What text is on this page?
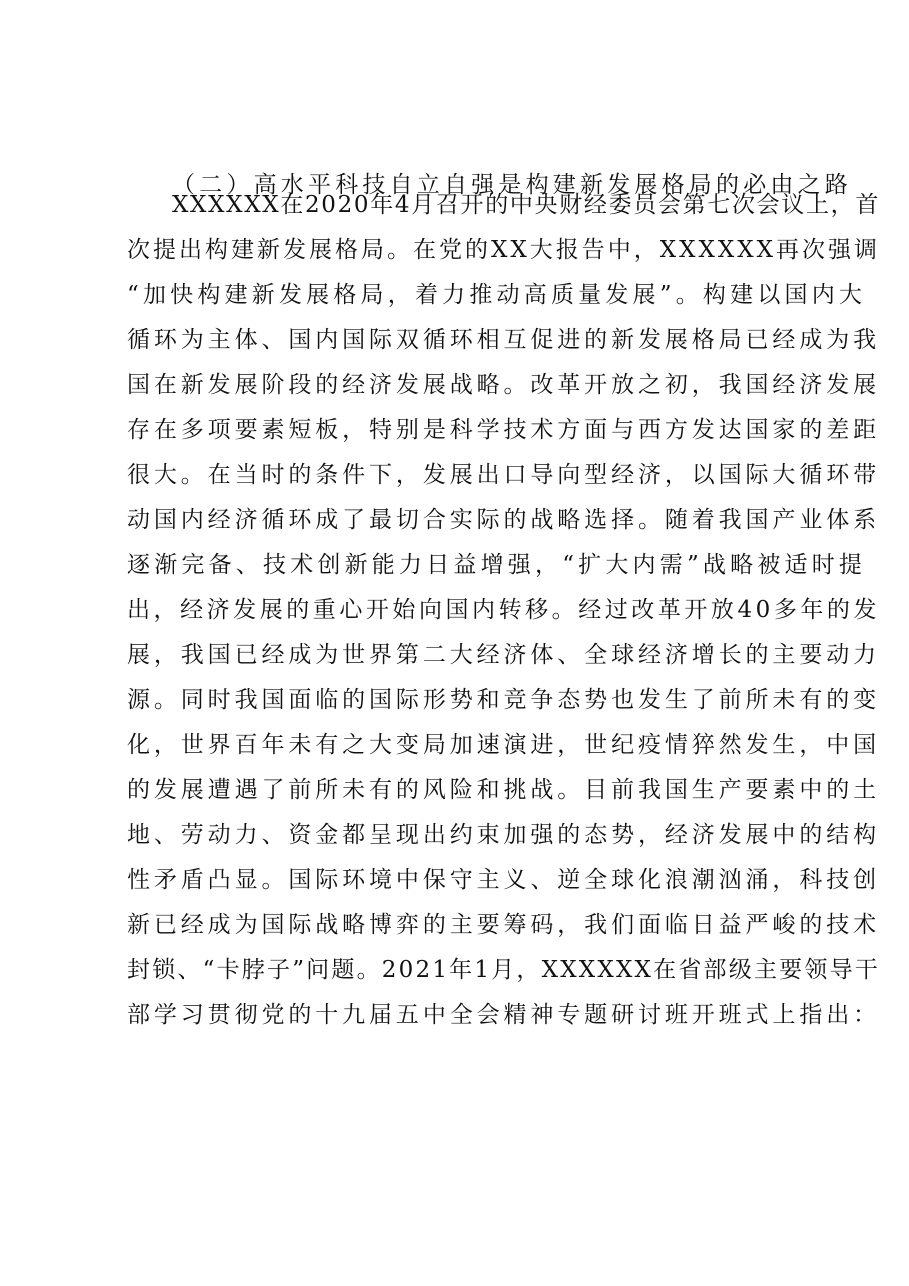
（二）高水平科技自立自强是构建新发展格局的必由之路
XXXXXX在2020年4月召开的中央财经委员会第七次会议上，首
次提出构建新发展格局。在党的XX大报告中，XXXXXX再次强调
“加快构建新发展格局，着力推动高质量发展”。构建以国内大
循环为主体、国内国际双循环相互促进的新发展格局已经成为我
国在新发展阶段的经济发展战略。改革开放之初，我国经济发展
存在多项要素短板，特别是科学技术方面与西方发达国家的差距
很大。在当时的条件下，发展出口导向型经济，以国际大循环带
动国内经济循环成了最切合实际的战略选择。随着我国产业体系
逐渐完备、技术创新能力日益增强，“扩大内需”战略被适时提
出，经济发展的重心开始向国内转移。经过改革开放40多年的发
展，我国已经成为世界第二大经济体、全球经济增长的主要动力
源。同时我国面临的国际形势和竞争态势也发生了前所未有的变
化，世界百年未有之大变局加速演进，世纪疫情猝然发生，中国
的发展遭遇了前所未有的风险和挑战。目前我国生产要素中的土
地、劳动力、资金都呈现出约束加强的态势，经济发展中的结构
性矛盾凸显。国际环境中保守主义、逆全球化浪潮汹涌，科技创
新已经成为国际战略博弈的主要筹码，我们面临日益严峻的技术
封锁、“卡脖子”问题。2021年1月，XXXXXX在省部级主要领导干
部学习贯彻党的十九届五中全会精神专题研讨班开班式上指出：
